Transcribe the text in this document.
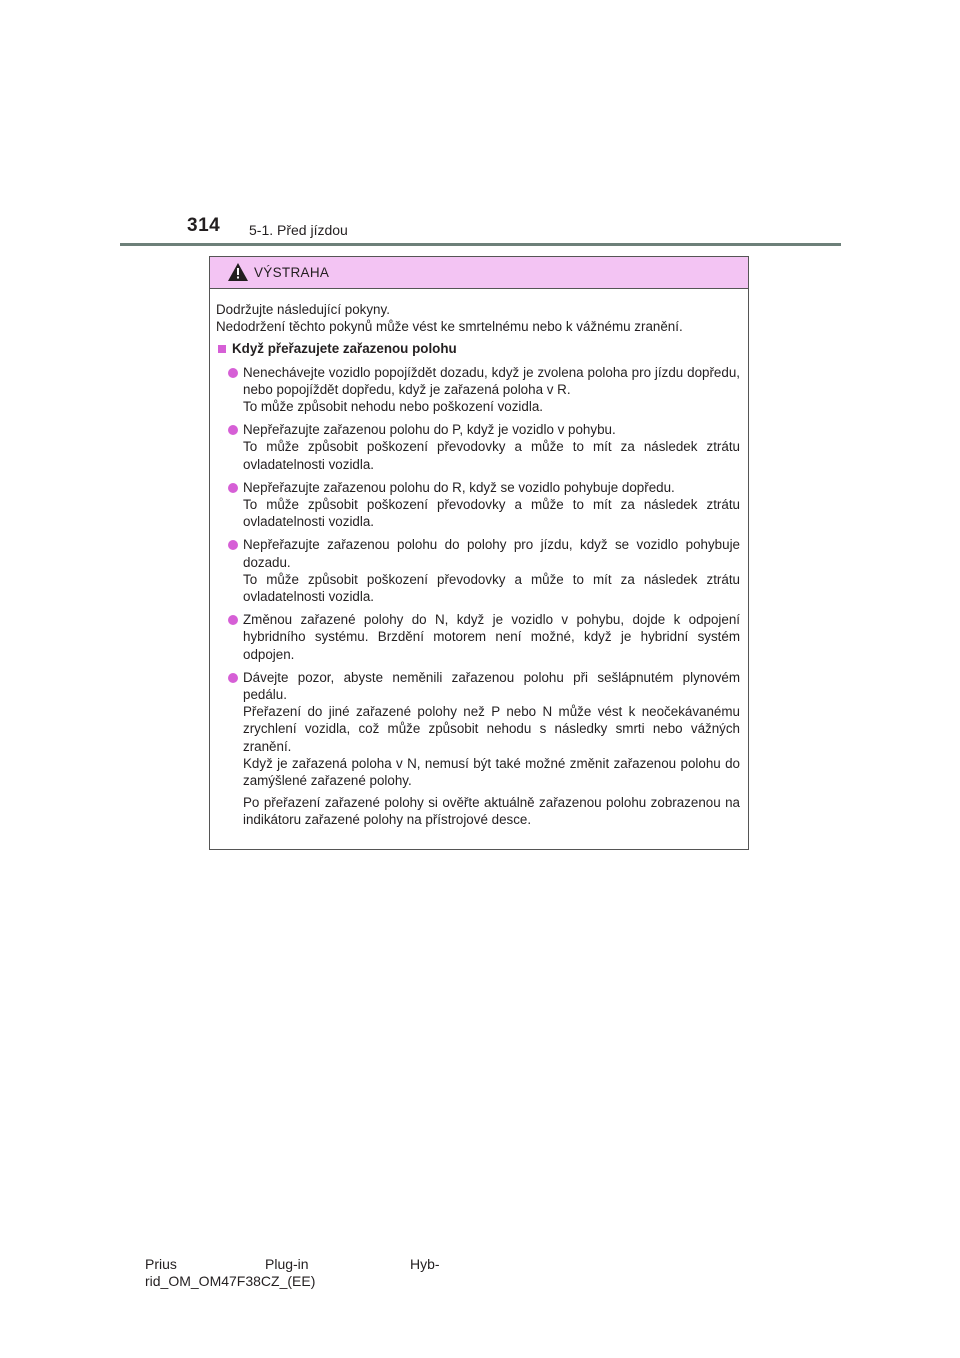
314 5-1. Před jízdou
VÝSTRAHA

Dodržujte následující pokyny.

Nedodržení těchto pokynů může vést ke smrtelnému nebo k vážnému zranění.

Když přeřazujete zařazenou polohu

Nenechávejte vozidlo popojíždět dozadu, když je zvolena poloha pro jízdu dopředu, nebo popojíždět dopředu, když je zařazená poloha v R.

To může způsobit nehodu nebo poškození vozidla.

Nepřeřazujte zařazenou polohu do P, když je vozidlo v pohybu.

To může způsobit poškození převodovky a může to mít za následek ztrátu ovladatelnosti vozidla.

Nepřeřazujte zařazenou polohu do R, když se vozidlo pohybuje dopředu.

To může způsobit poškození převodovky a může to mít za následek ztrátu ovladatelnosti vozidla.

Nepřeřazujte zařazenou polohu do polohy pro jízdu, když se vozidlo pohybuje dozadu.

To může způsobit poškození převodovky a může to mít za následek ztrátu ovladatelnosti vozidla.

Změnou zařazené polohy do N, když je vozidlo v pohybu, dojde k odpojení hybridního systému. Brzdění motorem není možné, když je hybridní systém odpojen.

Dávejte pozor, abyste neměnili zařazenou polohu při sešlápnutém plynovém pedálu.

Přeřazení do jiné zařazené polohy než P nebo N může vést k neočekávanému zrychlení vozidla, což může způsobit nehodu s následky smrti nebo vážných zranění.

Když je zařazená poloha v N, nemusí být také možné změnit zařazenou polohu do zamýšlené zařazené polohy.

Po přeřazení zařazené polohy si ověřte aktuálně zařazenou polohu zobrazenou na indikátoru zařazené polohy na přístrojové desce.

Prius	Plug-in	Hyb-
rid_OM_OM47F38CZ_(EE)
